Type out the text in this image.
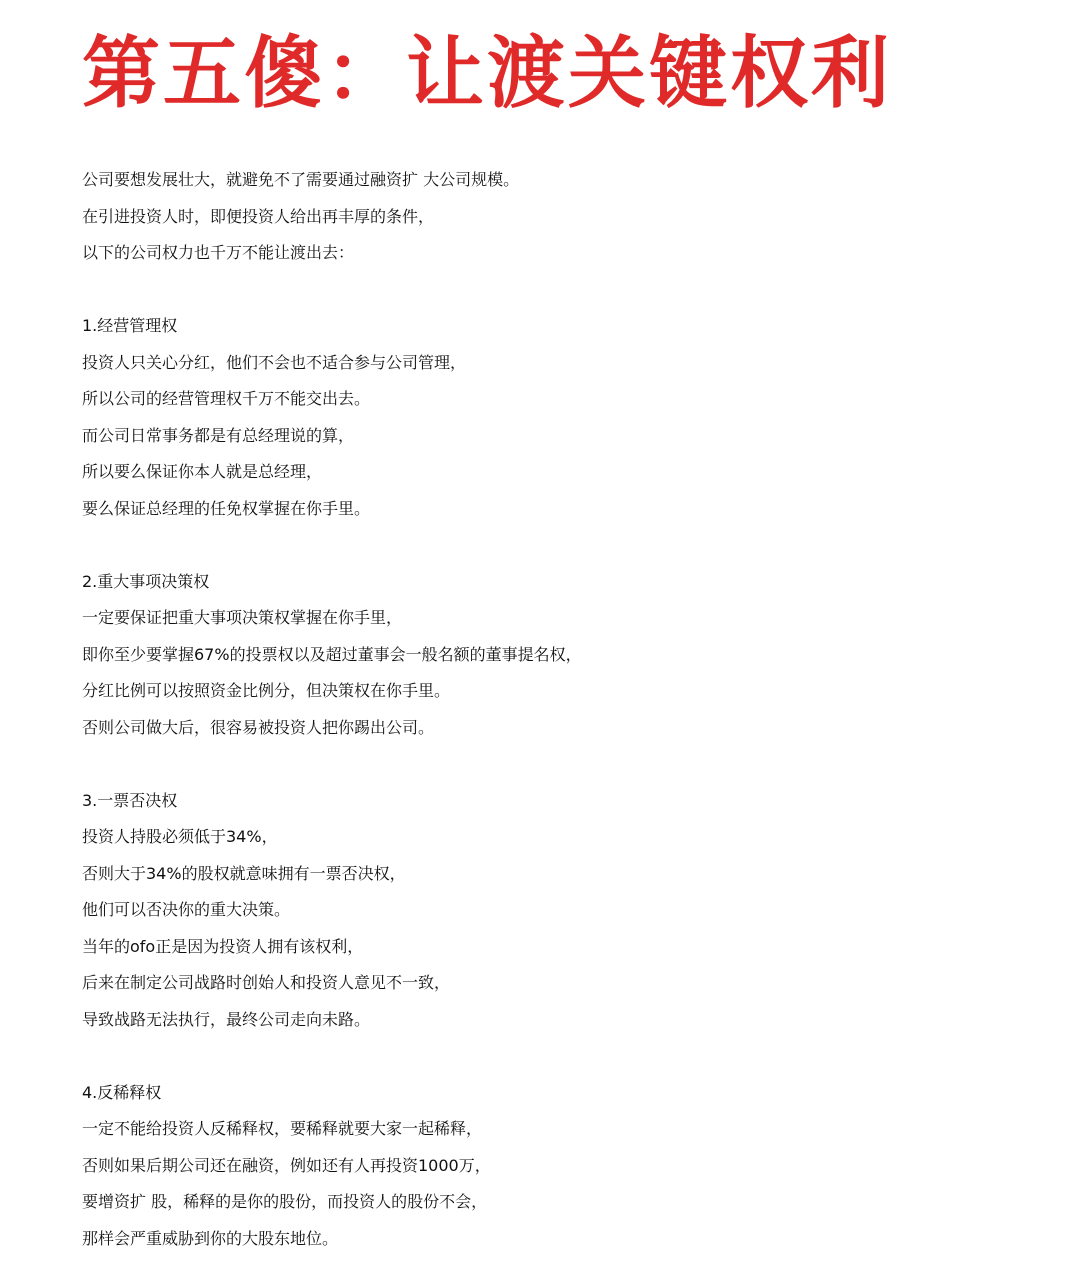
第五傻：让渡关键权利
公司要想发展壮大，就避免不了需要通过融资扩 大公司规模。
在引进投资人时，即便投资人给出再丰厚的条件，
以下的公司权力也千万不能让渡出去：
1.经营管理权
投资人只关心分红，他们不会也不适合参与公司管理，
所以公司的经营管理权千万不能交出去。
而公司日常事务都是有总经理说的算，
所以要么保证你本人就是总经理，
要么保证总经理的任免权掌握在你手里。
2.重大事项决策权
一定要保证把重大事项决策权掌握在你手里，
即你至少要掌握67%的投票权以及超过董事会一般名额的董事提名权，
分红比例可以按照资金比例分，但决策权在你手里。
否则公司做大后，很容易被投资人把你踢出公司。
3.一票否决权
投资人持股必须低于34%，
否则大于34%的股权就意味拥有一票否决权，
他们可以否决你的重大决策。
当年的ofo正是因为投资人拥有该权利，
后来在制定公司战路时创始人和投资人意见不一致，
导致战路无法执行，最终公司走向未路。
4.反稀释权
一定不能给投资人反稀释权，要稀释就要大家一起稀释，
否则如果后期公司还在融资，例如还有人再投资1000万，
要增资扩 股，稀释的是你的股份，而投资人的股份不会，
那样会严重威胁到你的大股东地位。
